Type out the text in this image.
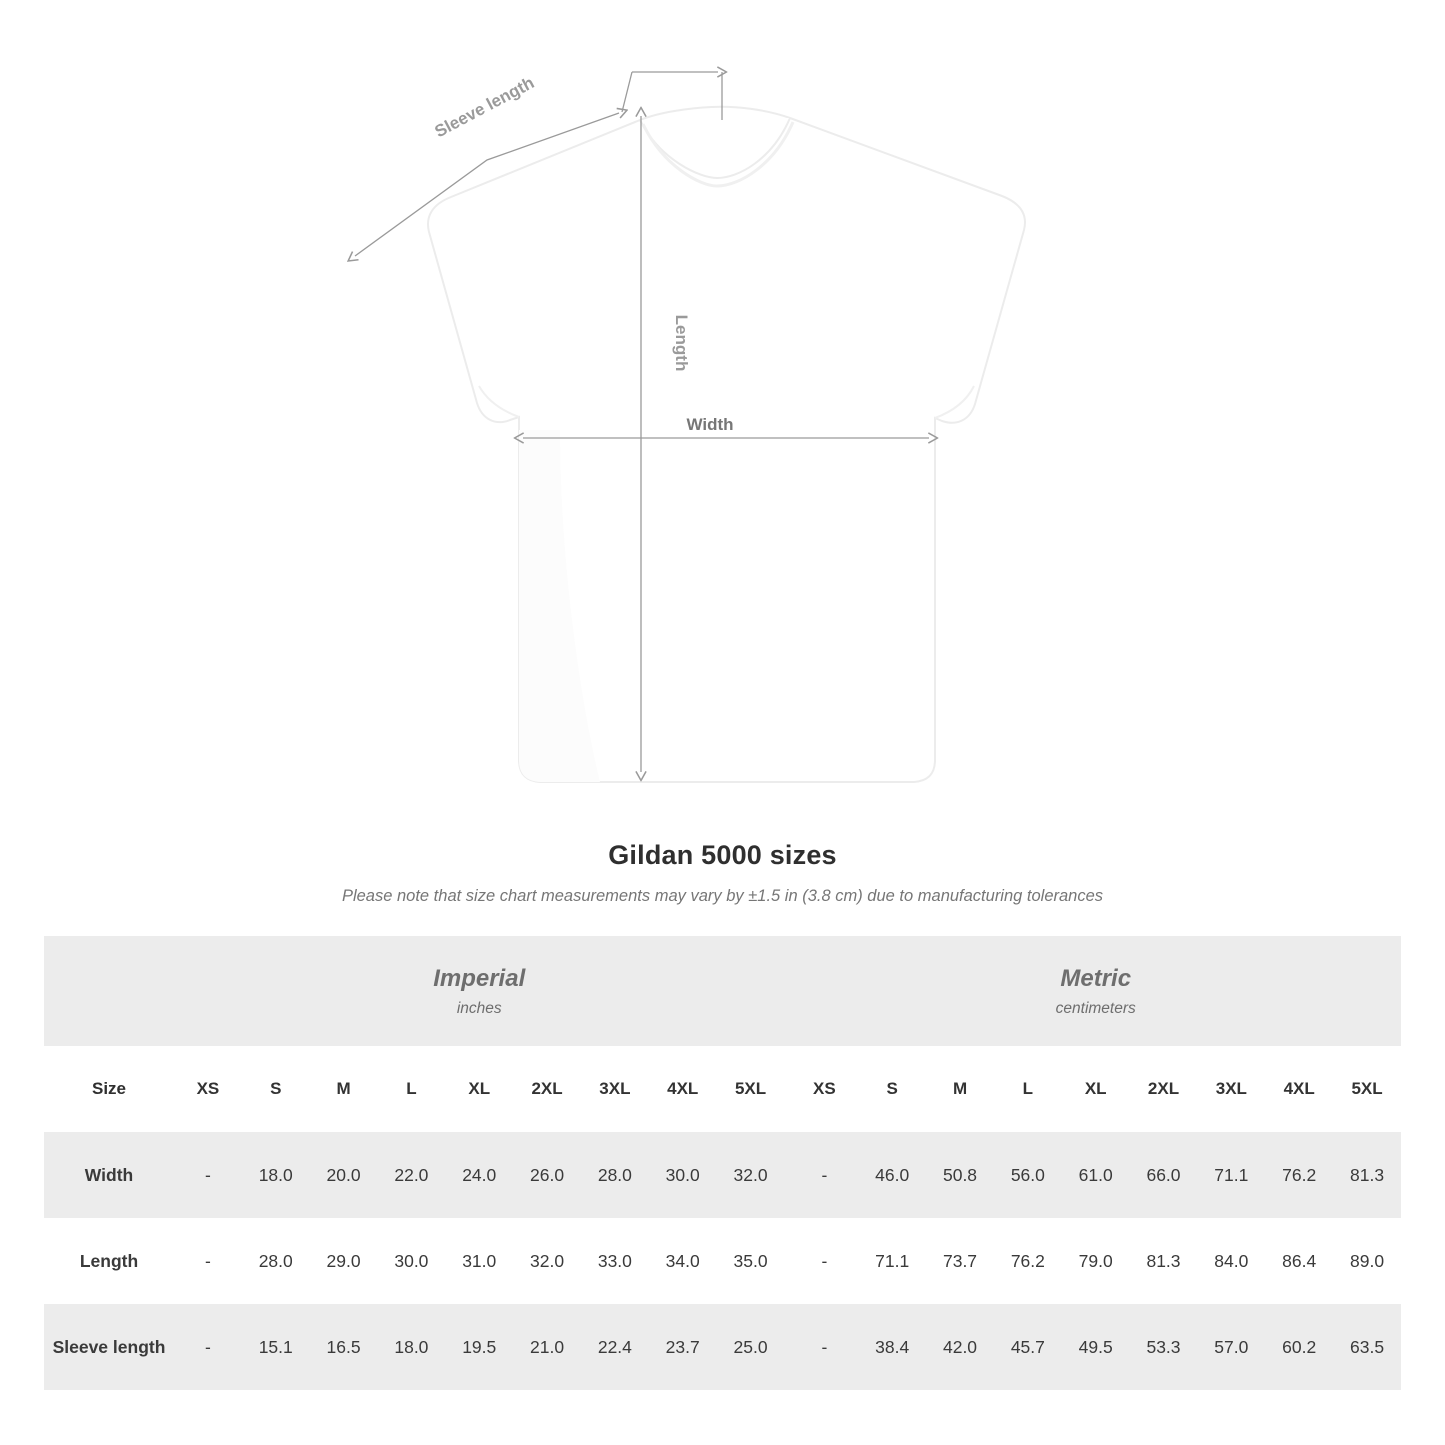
Sleeve length
Length
Width
Gildan 5000 sizes
Please note that size chart measurements may vary by ±1.5 in (3.8 cm) due to manufacturing tolerances

Imperial
inches

Metric
centimeters

Size	XS	S	M	L	XL	2XL	3XL	4XL	5XL		XS	S	M	L	XL	2XL	3XL	4XL	5XL
Width	-	18.0	20.0	22.0	24.0	26.0	28.0	30.0	32.0		-	46.0	50.8	56.0	61.0	66.0	71.1	76.2	81.3
Length	-	28.0	29.0	30.0	31.0	32.0	33.0	34.0	35.0		-	71.1	73.7	76.2	79.0	81.3	84.0	86.4	89.0
Sleeve length	-	15.1	16.5	18.0	19.5	21.0	22.4	23.7	25.0		-	38.4	42.0	45.7	49.5	53.3	57.0	60.2	63.5
